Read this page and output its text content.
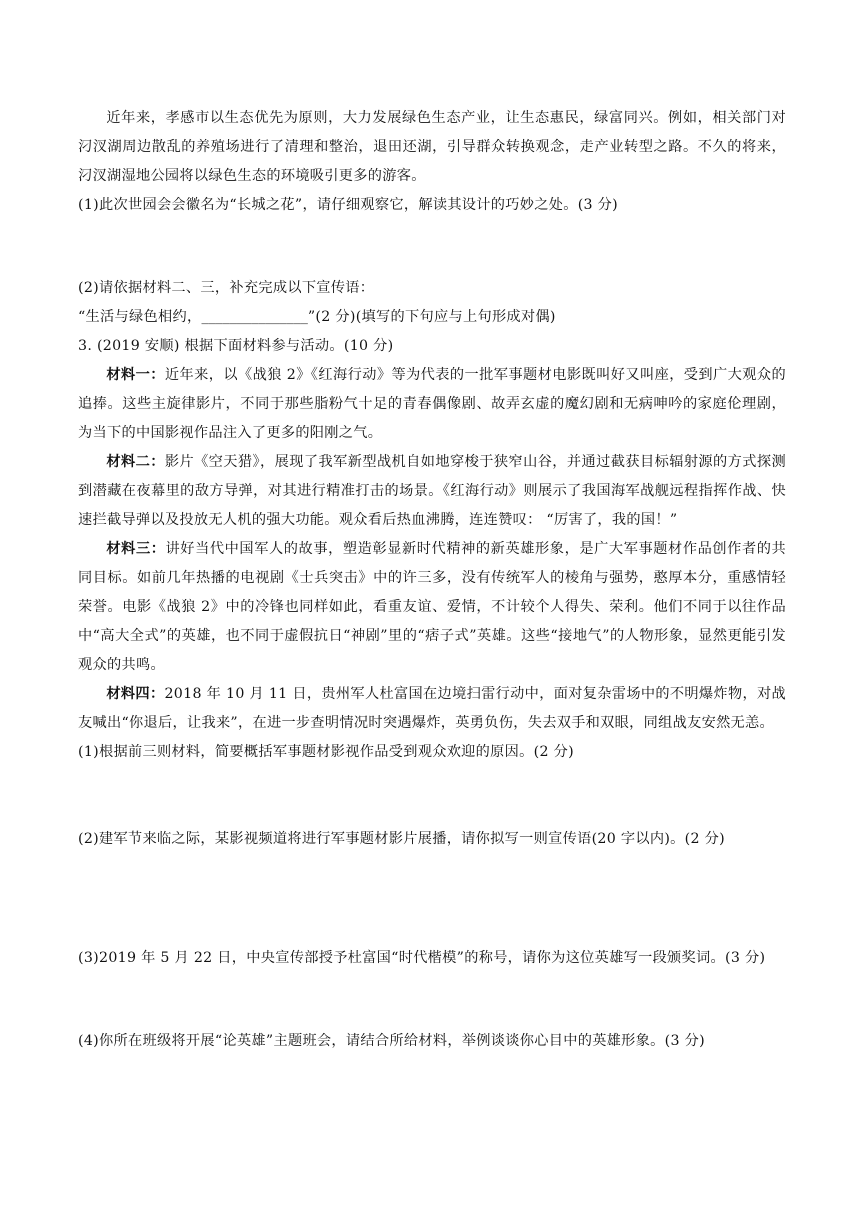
近年来，孝感市以生态优先为原则，大力发展绿色生态产业，让生态惠民，绿富同兴。例如，相关部门对汈汊湖周边散乱的养殖场进行了清理和整治，退田还湖，引导群众转换观念，走产业转型之路。不久的将来，汈汊湖湿地公园将以绿色生态的环境吸引更多的游客。

(1)此次世园会会徽名为“长城之花”，请仔细观察它，解读其设计的巧妙之处。(3 分)

(2)请依据材料二、三，补充完成以下宣传语：

“生活与绿色相约，_______________”(2 分)(填写的下句应与上句形成对偶)

3. (2019 安顺) 根据下面材料参与活动。(10 分)

材料一：近年来，以《战狼 2》《红海行动》等为代表的一批军事题材电影既叫好又叫座，受到广大观众的追捧。这些主旋律影片，不同于那些脂粉气十足的青春偶像剧、故弄玄虚的魔幻剧和无病呻吟的家庭伦理剧，为当下的中国影视作品注入了更多的阳刚之气。

材料二：影片《空天猎》，展现了我军新型战机自如地穿梭于狭窄山谷，并通过截获目标辐射源的方式探测到潜藏在夜幕里的敌方导弹，对其进行精准打击的场景。《红海行动》则展示了我国海军战舰远程指挥作战、快速拦截导弹以及投放无人机的强大功能。观众看后热血沸腾，连连赞叹： “厉害了，我的国！”

材料三：讲好当代中国军人的故事，塑造彰显新时代精神的新英雄形象，是广大军事题材作品创作者的共同目标。如前几年热播的电视剧《士兵突击》中的许三多，没有传统军人的棱角与强势，憨厚本分，重感情轻荣誉。电影《战狼 2》中的冷锋也同样如此，看重友谊、爱情，不计较个人得失、荣利。他们不同于以往作品中“高大全式”的英雄，也不同于虚假抗日“神剧”里的“痞子式”英雄。这些“接地气”的人物形象，显然更能引发观众的共鸣。

材料四：2018 年 10 月 11 日，贵州军人杜富国在边境扫雷行动中，面对复杂雷场中的不明爆炸物，对战友喊出“你退后，让我来”，在进一步查明情况时突遇爆炸，英勇负伤，失去双手和双眼，同组战友安然无恙。

(1)根据前三则材料，简要概括军事题材影视作品受到观众欢迎的原因。(2 分)

(2)建军节来临之际，某影视频道将进行军事题材影片展播，请你拟写一则宣传语(20 字以内)。(2 分)

(3)2019 年 5 月 22 日，中央宣传部授予杜富国“时代楷模”的称号，请你为这位英雄写一段颁奖词。(3 分)

(4)你所在班级将开展“论英雄”主题班会，请结合所给材料，举例谈谈你心目中的英雄形象。(3 分)
